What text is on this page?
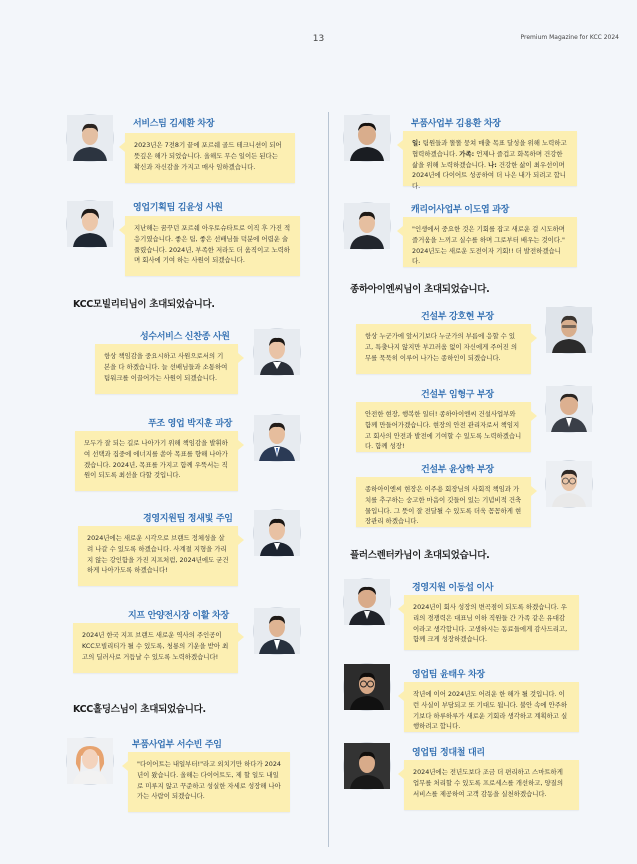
13	Premium Magazine for KCC 2024
서비스팀 김세환 차장
2023년은 7전8기 끝에 포르쉐 골드 테크니션이 되어 뜻깊은 해가 되었습니다. 올해도 무슨 일이든 된다는 확신과 자신감을 가지고 매사 임하겠습니다.
영업기획팀 김윤성 사원
지난해는 꿈꾸던 포르쉐 아우토슈타트로 이직 후 가진 적응기였습니다. 좋은 팀, 좋은 선배님들 덕분에 어렵운 술 풀렸습니다. 2024년, 부족한 저라도 더 움직이고 노력하며 회사에 기여 하는 사원이 되겠습니다.
KCC모빌리티님이 초대되었습니다.
성수서비스 신찬종 사원
항상 책임감을 중요시하고 사원으로서의 기본을 다 하겠습니다. 늘 선배님들과 소통하여 팀워크를 이끌어가는 사원이 되겠습니다.
푸조 영업 박지훈 과장
모두가 잘 되는 길로 나아가기 위해 책임감을 발휘하여 선택과 집중에 에너지를 쏟아 목표를 향해 나아가겠습니다. 2024년, 목표를 가지고 함께 우뚝서는 직원이 되도록 최선을 다할 것입니다.
경영지원팀 정새빛 주임
2024년에는 새로운 시각으로 브랜드 정체성을 살려 나갈 수 있도록 하겠습니다. 사계절 지형을 가리지 않는 강인함을 가진 지프처럼, 2024년에도 굳건하게 나아가도록 하겠습니다!
지프 안양전시장 이활 차장
2024년 한국 지프 브랜드 새로운 역사의 주인공이 KCC모빌리티가 될 수 있도록, 청룡의 기운을 받아 최고의 딜러사로 거듭날 수 있도록 노력하겠습니다!
KCC홀딩스님이 초대되었습니다.
부품사업부 서수빈 주임
"다이어트는 내일부터!"라고 외치기만 하다가 2024년이 왔습니다. 올해는 다이어트도, 제 할 일도 내일로 미루지 않고 꾸준하고 성실한 자세로 성장해 나아가는 사람이 되겠습니다.
부품사업부 김용환 차장
일: 팀원들과 똘똘 뭉쳐 매출 목표 달성을 위해 노력하고 협력하겠습니다. 가족: 언제나 즐겁고 화목하며 건강한 삶을 위해 노력하겠습니다. 나: 건강한 삶이 최우선이며 2024년에 다이어트 성공하여 더 나은 내가 되려고 합니다.
캐리어사업부 이도엽 과장
"인생에서 중요한 것은 기회를 잡고 새로운 걸 시도하며 즐거움을 느끼고 실수를 하며 그로부터 배우는 것이다." 2024년도는 새로운 도전이자 기회!! 더 발전하겠습니다.
종하아이엔씨님이 초대되었습니다.
건설부 강호현 부장
항상 누군가에 앞서기보다 누군가의 부름에 응할 수 있고, 특출나지 않지만 부끄러움 없이 자신에게 주어진 의무를 묵묵히 이루어 나가는 종하인이 되겠습니다.
건설부 임형구 부장
안전한 현장, 행복한 일터! 종하아이엔씨 건설사업부와 함께 만들어가겠습니다. 현장의 안전 관리자로서 책임지고 회사의 안전과 발전에 기여할 수 있도록 노력하겠습니다. 함께 성장!
건설부 윤상학 부장
종하아이엔씨 현장은 이주용 회장님의 사회적 책임과 가치를 추구하는 숭고한 마음이 깃들어 있는 기념비적 건축물입니다. 그 뜻이 잘 전달될 수 있도록 더욱 꼼꼼하게 현장관리 하겠습니다.
플러스렌터카님이 초대되었습니다.
경영지원 이동섭 이사
2024년이 회사 성장의 변곡점이 되도록 하겠습니다. 우리의 경쟁력은 대표님 이하 직원들 간 가족 같은 유대감이라고 생각합니다. 고생하시는 동료들에게 감사드리고, 함께 크게 성장하겠습니다.
영업팀 윤태우 차장
작년에 이어 2024년도 어려운 한 해가 될 것입니다. 이런 사실이 부담되고 또 기대도 됩니다. 불안 속에 안주하기보다 하루하루가 새로운 기회라 생각하고 계획하고 실행하려고 합니다.
영업팀 정대철 대리
2024년에는 전년도보다 조금 더 편리하고 스마트하게 업무를 처리할 수 있도록 프로세스를 개선하고, 양질의 서비스를 제공하여 고객 감동을 실천하겠습니다.
